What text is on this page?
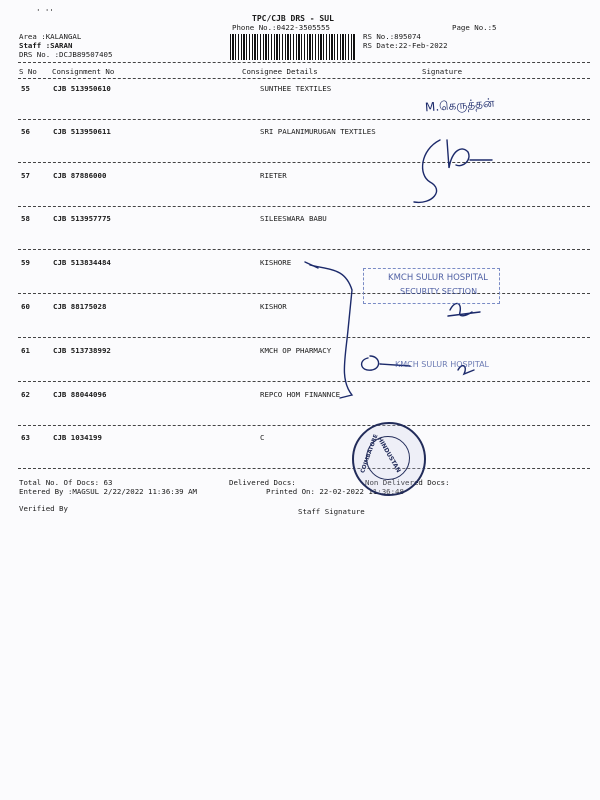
' ''
TPC/CJB DRS - SUL
Phone No.:0422-3505555	Page No.:5
Area :KALANGAL
Staff :SARAN
DRS No. :DCJB89507405
RS No.:895074
RS Date:22-Feb-2022
S No Consignment No	Consignee Details	Signature
55	CJB 513950610	SUNTHEE TEXTILES
56	CJB 513950611	SRI PALANIMURUGAN TEXTILES
57	CJB 87886000	RIETER
58	CJB 513957775	SILEESWARA BABU
59	CJB 513834484	KISHORE
60	CJB 88175028	KISHOR
61	CJB 513738992	KMCH OP PHARMACY
62	CJB 88044096	REPCO HOM FINANNCE
63	CJB 1034199	C
Total No. Of Docs: 63	Delivered Docs:	Non Delivered Docs:
Entered By :MAGSUL 2/22/2022 11:36:39 AM	Printed On: 22-02-2022 11:36:48
Verified By	Staff Signature
M.கெருத்தன்
KMCH SULUR HOSPITAL
SECURITY SECTION
KMCH SULUR HOSPITAL
HINDUSTAN
COIMBATORE
